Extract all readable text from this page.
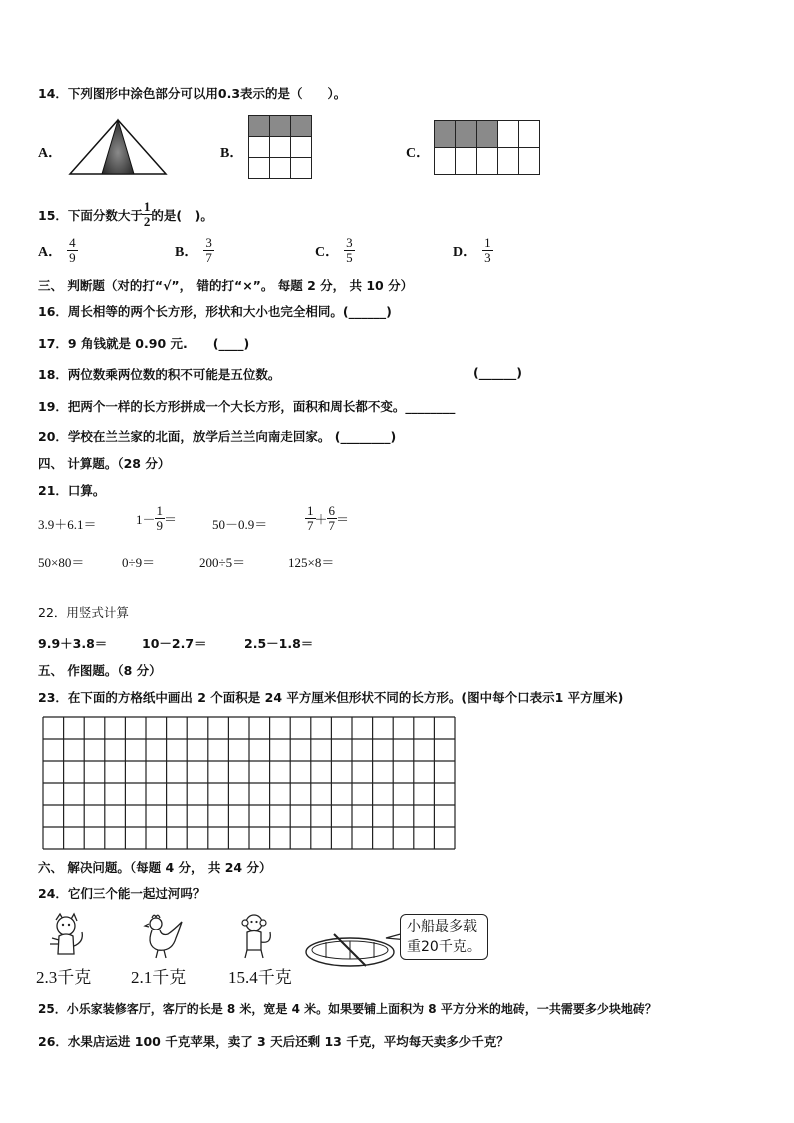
14．下列图形中涂色部分可以用0.3表示的是（　　）。
A．	B．

			C．

15．下面分数大于 $\frac{1}{2}$ 的是(　)。
A． $\frac{4}{9}$	B． $\frac{3}{7}$	C． $\frac{3}{5}$	D． $\frac{1}{3}$
三、 判断题（对的打“√”， 错的打“×”。 每题 2 分， 共 10 分）
16．周长相等的两个长方形，形状和大小也完全相同。(______)
17．9 角钱就是 0.90 元.　　(____)
18．两位数乘两位数的积不可能是五位数。	(______)
19．把两个一样的长方形拼成一个大长方形，面积和周长都不变。________
20．学校在兰兰家的北面，放学后兰兰向南走回家。 (________)
四、 计算题。（28 分）
21．口算。
3.9＋6.1＝	$1- \frac{1}{9}$ ＝	50－0.9＝	$\frac{1}{7} + \frac{6}{7}$ ＝
50×80＝	0÷9＝	200÷5＝	125×8＝
22．用竖式计算
9.9＋3.8＝	10－2.7＝	2.5－1.8＝
五、 作图题。（8 分）
23．在下面的方格纸中画出 2 个面积是 24 平方厘米但形状不同的长方形。(图中每个口表示1 平方厘米)
六、 解决问题。（每题 4 分， 共 24 分）
24．它们三个能一起过河吗？
2.3千克 2.1千克 15.4千克
小船最多载
重20千克。
25．小乐家装修客厅，客厅的长是 8 米，宽是 4 米。如果要铺上面积为 8 平方分米的地砖，一共需要多少块地砖？
26．水果店运进 100 千克苹果，卖了 3 天后还剩 13 千克，平均每天卖多少千克？
